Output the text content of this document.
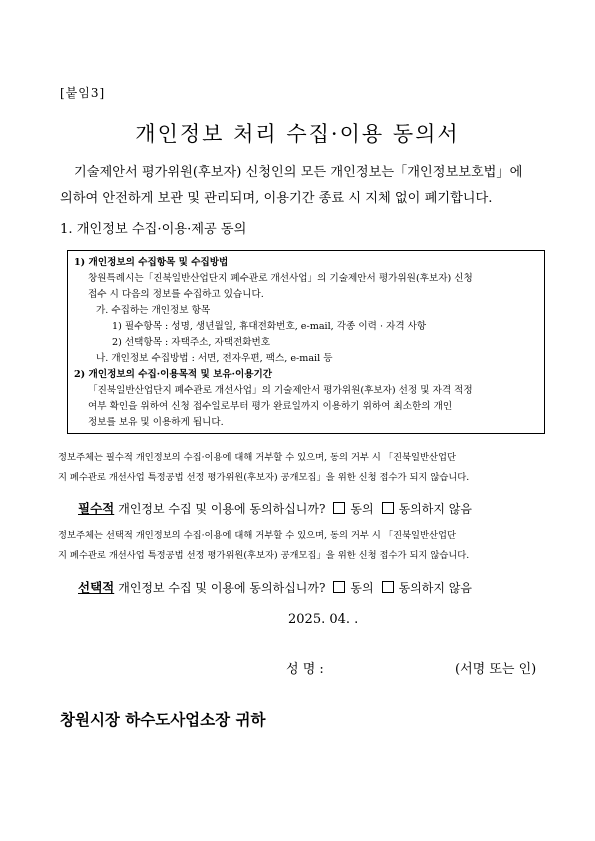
[붙임3]
개인정보 처리 수집·이용 동의서

기술제안서 평가위원(후보자) 신청인의 모든 개인정보는「개인정보보호법」에

의하여 안전하게 보관 및 관리되며, 이용기간 종료 시 지체 없이 폐기합니다.

1. 개인정보 수집·이용·제공 동의
1) 개인정보의 수집항목 및 수집방법
창원특례시는「진북일반산업단지 폐수관로 개선사업」의 기술제안서 평가위원(후보자) 신청
접수 시 다음의 정보를 수집하고 있습니다.
가. 수집하는 개인정보 항목
1) 필수항목 : 성명, 생년월일, 휴대전화번호, e-mail, 각종 이력 · 자격 사항
2) 선택항목 : 자택주소, 자택전화번호
나. 개인정보 수집방법 : 서면, 전자우편, 팩스, e-mail 등
2) 개인정보의 수집·이용목적 및 보유·이용기간
「진북일반산업단지 폐수관로 개선사업」의 기술제안서 평가위원(후보자) 선정 및 자격 적정
여부 확인을 위하여 신청 접수일로부터 평가 완료일까지 이용하기 위하여 최소한의 개인
정보를 보유 및 이용하게 됩니다.

정보주체는 필수적 개인정보의 수집·이용에 대해 거부할 수 있으며, 동의 거부 시 「진북일반산업단

지 폐수관로 개선사업 특정공법 선정 평가위원(후보자) 공개모집」을 위한 신청 접수가 되지 않습니다.

필수적 개인정보 수집 및 이용에 동의하십니까? 동의 동의하지 않음

정보주체는 선택적 개인정보의 수집·이용에 대해 거부할 수 있으며, 동의 거부 시 「진북일반산업단

지 폐수관로 개선사업 특정공법 선정 평가위원(후보자) 공개모집」을 위한 신청 접수가 되지 않습니다.

선택적 개인정보 수집 및 이용에 동의하십니까? 동의 동의하지 않음
2025. 04. .
성 명 :	(서명 또는 인)
창원시장 하수도사업소장 귀하
